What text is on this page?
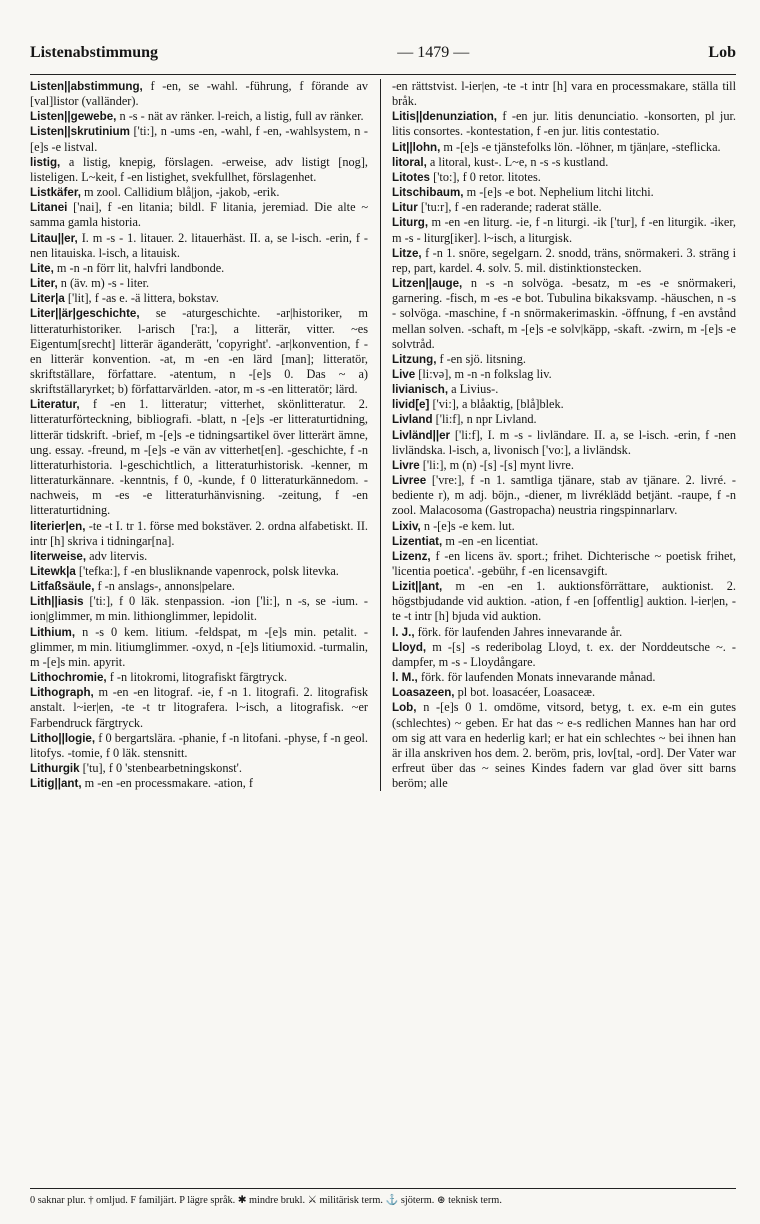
Listenabstimmung	— 1479 —	Lob

Listen||abstimmung, f -en, se -wahl. -führung, f förande av [val]listor (valländer).

Listen||gewebe, n -s - nät av ränker. l-reich, a listig, full av ränker.

Listen||skrutinium ['ti:], n -ums -en, -wahl, f -en, -wahlsystem, n -[e]s -e listval.

listig, a listig, knepig, förslagen. -erweise, adv listigt [nog], listeligen. L~keit, f -en listighet, svekfullhet, förslagenhet.

Listkäfer, m zool. Callidium blå|jon, -jakob, -erik.

Litanei ['nai], f -en litania; bildl. F litania, jeremiad. Die alte ~ samma gamla historia.

Litau||er, I. m -s - 1. litauer. 2. litauerhäst. II. a, se l-isch. -erin, f -nen litauiska. l-isch, a litauisk.

Lite, m -n -n förr lit, halvfri landbonde.

Liter, n (äv. m) -s - liter.

Liter|a ['lit], f -as e. -ä littera, bokstav.

Liter||är|geschichte, se -aturgeschichte. -ar|historiker, m litteraturhistoriker. l-arisch ['ra:], a litterär, vitter. ~es Eigentum[srecht] litterär äganderätt, 'copyright'. -ar|konvention, f -en litterär konvention. -at, m -en -en lärd [man]; litteratör, skriftställare, författare. -atentum, n -[e]s 0. Das ~ a) skriftställaryrket; b) författarvärlden. -ator, m -s -en litteratör; lärd.

Literatur, f -en 1. litteratur; vitterhet, skönlitteratur. 2. litteraturförteckning, bibliografi. -blatt, n -[e]s -er litteraturtidning, litterär tidskrift. -brief, m -[e]s -e tidningsartikel över litterärt ämne, ung. essay. -freund, m -[e]s -e vän av vitterhet[en]. -geschichte, f -n litteraturhistoria. l-geschichtlich, a litteraturhistorisk. -kenner, m litteraturkännare. -kenntnis, f 0, -kunde, f 0 litteraturkännedom. -nachweis, m -es -e litteraturhänvisning. -zeitung, f -en litteraturtidning.

literier|en, -te -t I. tr 1. förse med bokstäver. 2. ordna alfabetiskt. II. intr [h] skriva i tidningar[na].

literweise, adv litervis.

Litewk|a ['tefka:], f -en blusliknande vapenrock, polsk litevka.

Litfaßsäule, f -n anslags-, annons|pelare.

Lith||iasis ['ti:], f 0 läk. stenpassion. -ion ['li:], n -s, se -ium. -ion|glimmer, m min. lithionglimmer, lepidolit.

Lithium, n -s 0 kem. litium. -feldspat, m -[e]s min. petalit. -glimmer, m min. litiumglimmer. -oxyd, n -[e]s litiumoxid. -turmalin, m -[e]s min. apyrit.

Lithochromie, f -n litokromi, litografiskt färgtryck.

Lithograph, m -en -en litograf. -ie, f -n 1. litografi. 2. litografisk anstalt. l~ier|en, -te -t tr litografera. l~isch, a litografisk. ~er Farbendruck färgtryck.

Litho||logie, f 0 bergartslära. -phanie, f -n litofani. -physe, f -n geol. litofys. -tomie, f 0 läk. stensnitt.

Lithurgik ['tu], f 0 'stenbearbetningskonst'.

Litig||ant, m -en -en processmakare. -ation, f

-en rättstvist. l-ier|en, -te -t intr [h] vara en processmakare, ställa till bråk.

Litis||denunziation, f -en jur. litis denunciatio. -konsorten, pl jur. litis consortes. -kontestation, f -en jur. litis contestatio.

Lit||lohn, m -[e]s -e tjänstefolks lön. -löhner, m tjän|are, -steflicka.

litoral, a litoral, kust-. L~e, n -s -s kustland.

Litotes ['to:], f 0 retor. litotes.

Litschibaum, m -[e]s -e bot. Nephelium litchi litchi.

Litur ['tu:r], f -en raderande; raderat ställe.

Liturg, m -en -en liturg. -ie, f -n liturgi. -ik ['tur], f -en liturgik. -iker, m -s - liturg[iker]. l~isch, a liturgisk.

Litze, f -n 1. snöre, segelgarn. 2. snodd, träns, snörmakeri. 3. sträng i rep, part, kardel. 4. solv. 5. mil. distinktionstecken.

Litzen||auge, n -s -n solvöga. -besatz, m -es -e snörmakeri, garnering. -fisch, m -es -e bot. Tubulina bikaksvamp. -häuschen, n -s - solvöga. -maschine, f -n snörmakerimaskin. -öffnung, f -en avstånd mellan solven. -schaft, m -[e]s -e solv|käpp, -skaft. -zwirn, m -[e]s -e solvtråd.

Litzung, f -en sjö. litsning.

Live [li:və], m -n -n folkslag liv.

livianisch, a Livius-.

livid[e] ['vi:], a blåaktig, [blå]blek.

Livland ['li:f], n npr Livland.

Livländ||er ['li:f], I. m -s - livländare. II. a, se l-isch. -erin, f -nen livländska. l-isch, a, livonisch ['vo:], a livländsk.

Livre ['li:], m (n) -[s] -[s] mynt livre.

Livree ['vre:], f -n 1. samtliga tjänare, stab av tjänare. 2. livré. -bediente r), m adj. böjn., -diener, m livréklädd betjänt. -raupe, f -n zool. Malacosoma (Gastropacha) neustria ringspinnarlarv.

Lixiv, n -[e]s -e kem. lut.

Lizentiat, m -en -en licentiat.

Lizenz, f -en licens äv. sport.; frihet. Dichterische ~ poetisk frihet, 'licentia poetica'. -gebühr, f -en licensavgift.

Lizit||ant, m -en -en 1. auktionsförrättare, auktionist. 2. högstbjudande vid auktion. -ation, f -en [offentlig] auktion. l-ier|en, -te -t intr [h] bjuda vid auktion.

l. J., förk. för laufenden Jahres innevarande år.

Lloyd, m -[s] -s rederibolag Lloyd, t. ex. der Norddeutsche ~. -dampfer, m -s - Lloydångare.

l. M., förk. för laufenden Monats innevarande månad.

Loasazeen, pl bot. loasacéer, Loasaceæ.

Lob, n -[e]s 0 1. omdöme, vitsord, betyg, t. ex. e-m ein gutes (schlechtes) ~ geben. Er hat das ~ e-s redlichen Mannes han har ord om sig att vara en hederlig karl; er hat ein schlechtes ~ bei ihnen han är illa anskriven hos dem. 2. beröm, pris, lov[tal, -ord]. Der Vater war erfreut über das ~ seines Kindes fadern var glad över sitt barns beröm; alle

0 saknar plur. † omljud. F familjärt. P lägre språk. ✱ mindre brukl. ⚔ militärisk term. ⚓ sjöterm. ⊛ teknisk term.
